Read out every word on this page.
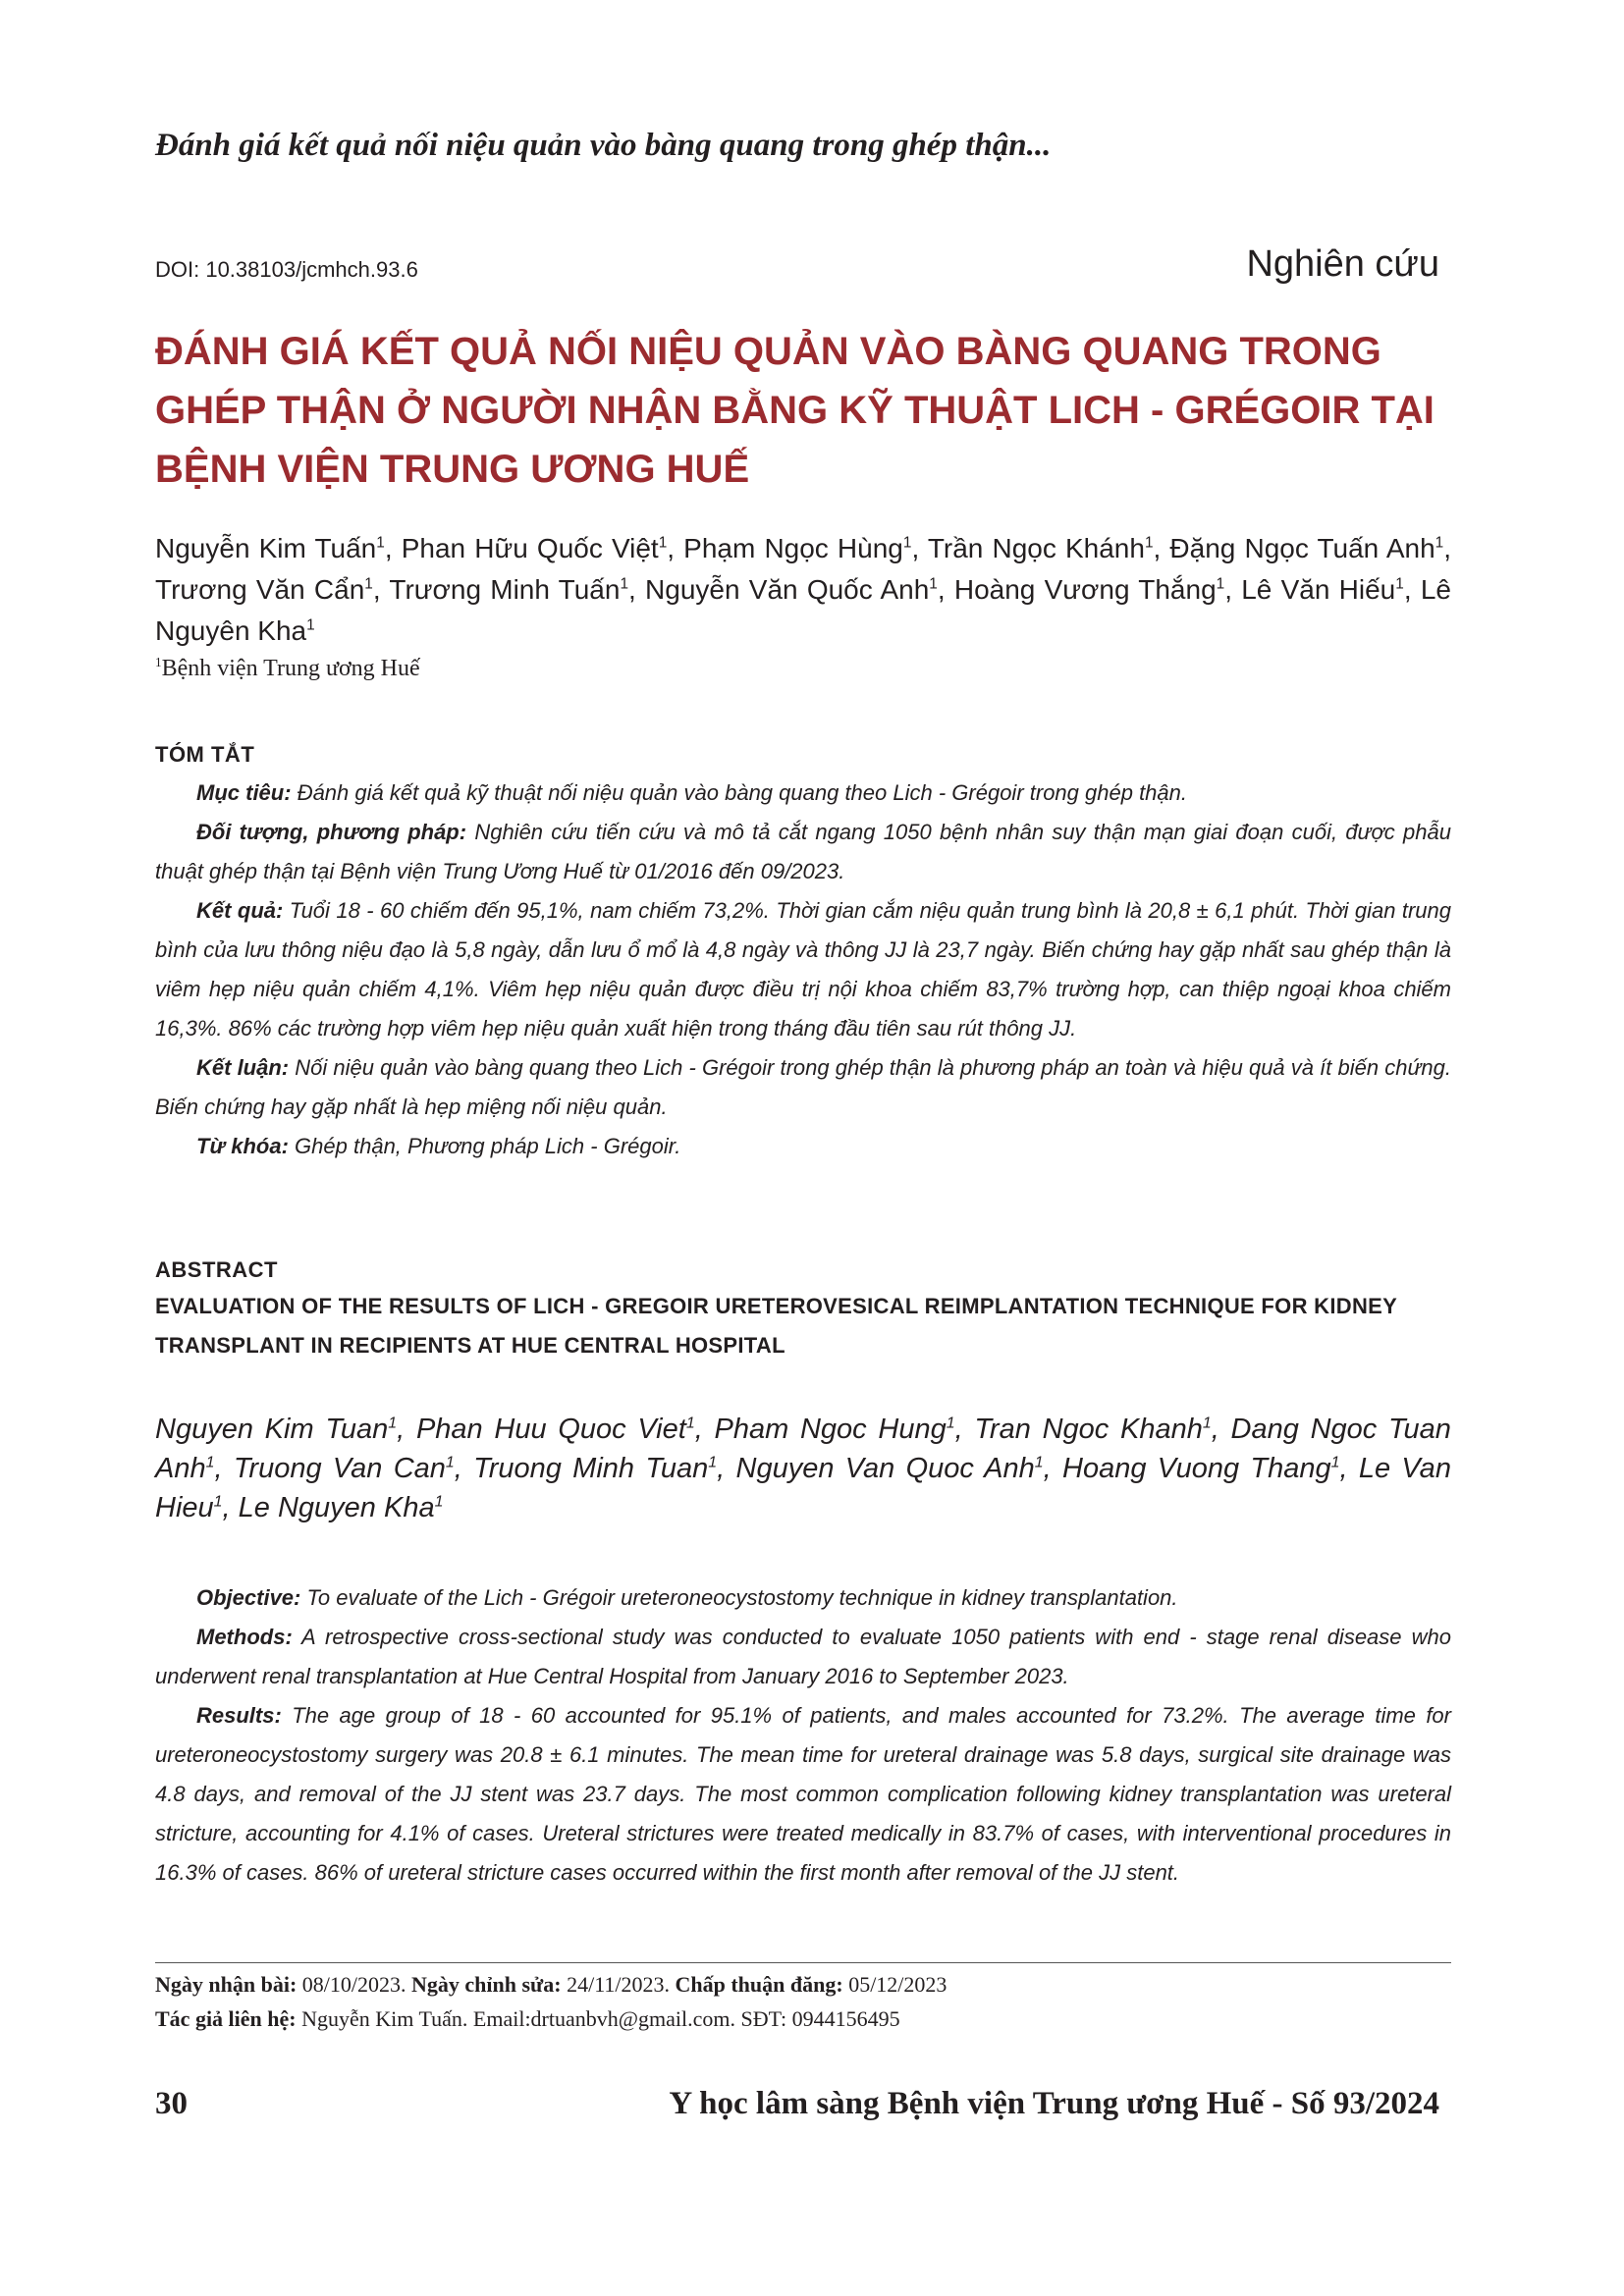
Đánh giá kết quả nối niệu quản vào bàng quang trong ghép thận...
DOI: 10.38103/jcmhch.93.6	Nghiên cứu
ĐÁNH GIÁ KẾT QUẢ NỐI NIỆU QUẢN VÀO BÀNG QUANG TRONG GHÉP THẬN Ở NGƯỜI NHẬN BẰNG KỸ THUẬT LICH - GRÉGOIR TẠI BỆNH VIỆN TRUNG ƯƠNG HUẾ
Nguyễn Kim Tuấn$^1$, Phan Hữu Quốc Việt$^1$, Phạm Ngọc Hùng$^1$, Trần Ngọc Khánh$^1$, Đặng Ngọc Tuấn Anh$^1$, Trương Văn Cẩn$^1$, Trương Minh Tuấn$^1$, Nguyễn Văn Quốc Anh$^1$, Hoàng Vương Thắng$^1$, Lê Văn Hiếu$^1$, Lê Nguyên Kha$^1$
$^1$Bệnh viện Trung ương Huế
TÓM TẮT

Mục tiêu: Đánh giá kết quả kỹ thuật nối niệu quản vào bàng quang theo Lich - Grégoir trong ghép thận.

Đối tượng, phương pháp: Nghiên cứu tiến cứu và mô tả cắt ngang 1050 bệnh nhân suy thận mạn giai đoạn cuối, được phẫu thuật ghép thận tại Bệnh viện Trung Ương Huế từ 01/2016 đến 09/2023.

Kết quả: Tuổi 18 - 60 chiếm đến 95,1%, nam chiếm 73,2%. Thời gian cắm niệu quản trung bình là 20,8 ± 6,1 phút. Thời gian trung bình của lưu thông niệu đạo là 5,8 ngày, dẫn lưu ổ mổ là 4,8 ngày và thông JJ là 23,7 ngày. Biến chứng hay gặp nhất sau ghép thận là viêm hẹp niệu quản chiếm 4,1%. Viêm hẹp niệu quản được điều trị nội khoa chiếm 83,7% trường hợp, can thiệp ngoại khoa chiếm 16,3%. 86% các trường hợp viêm hẹp niệu quản xuất hiện trong tháng đầu tiên sau rút thông JJ.

Kết luận: Nối niệu quản vào bàng quang theo Lich - Grégoir trong ghép thận là phương pháp an toàn và hiệu quả và ít biến chứng. Biến chứng hay gặp nhất là hẹp miệng nối niệu quản.

Từ khóa: Ghép thận, Phương pháp Lich - Grégoir.

ABSTRACT

EVALUATION OF THE RESULTS OF LICH - GREGOIR URETEROVESICAL REIMPLANTATION TECHNIQUE FOR KIDNEY TRANSPLANT IN RECIPIENTS AT HUE CENTRAL HOSPITAL

Nguyen Kim Tuan$^1$, Phan Huu Quoc Viet$^1$, Pham Ngoc Hung$^1$, Tran Ngoc Khanh$^1$, Dang Ngoc Tuan Anh$^1$, Truong Van Can$^1$, Truong Minh Tuan$^1$, Nguyen Van Quoc Anh$^1$, Hoang Vuong Thang$^1$, Le Van Hieu$^1$, Le Nguyen Kha$^1$

Objective: To evaluate of the Lich - Grégoir ureteroneocystostomy technique in kidney transplantation.

Methods: A retrospective cross-sectional study was conducted to evaluate 1050 patients with end - stage renal disease who underwent renal transplantation at Hue Central Hospital from January 2016 to September 2023.

Results: The age group of 18 - 60 accounted for 95.1% of patients, and males accounted for 73.2%. The average time for ureteroneocystostomy surgery was 20.8 ± 6.1 minutes. The mean time for ureteral drainage was 5.8 days, surgical site drainage was 4.8 days, and removal of the JJ stent was 23.7 days. The most common complication following kidney transplantation was ureteral stricture, accounting for 4.1% of cases. Ureteral strictures were treated medically in 83.7% of cases, with interventional procedures in 16.3% of cases. 86% of ureteral stricture cases occurred within the first month after removal of the JJ stent.

Ngày nhận bài: 08/10/2023. Ngày chỉnh sửa: 24/11/2023. Chấp thuận đăng: 05/12/2023
Tác giả liên hệ: Nguyễn Kim Tuấn. Email:drtuanbvh@gmail.com. SĐT: 0944156495
30	Y học lâm sàng Bệnh viện Trung ương Huế - Số 93/2024
